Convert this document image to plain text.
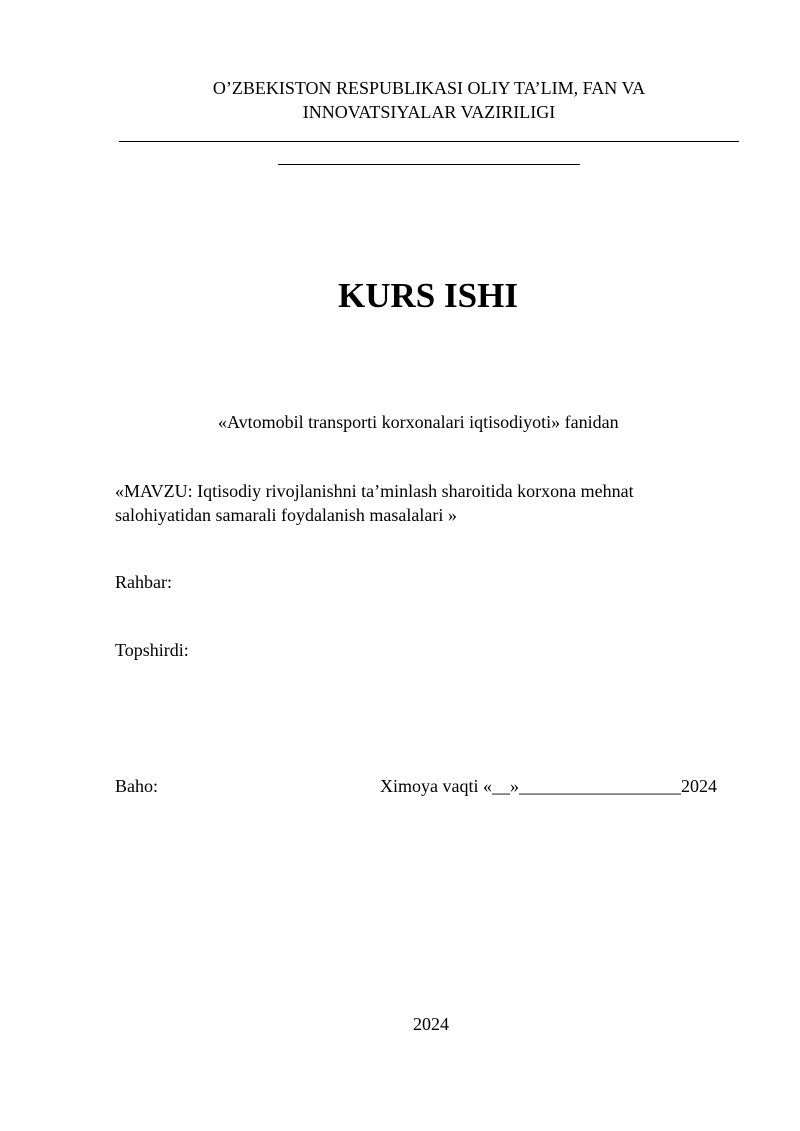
O’ZBEKISTON RESPUBLIKASI OLIY TA’LIM, FAN VA
INNOVATSIYALAR VAZIRILIGI
KURS ISHI
«Avtomobil transporti korxonalari iqtisodiyoti» fanidan
«MAVZU: Iqtisodiy rivojlanishni ta’minlash sharoitida korxona mehnat
salohiyatidan samarali foydalanish masalalari »
Rahbar:
Topshirdi:
Baho:	Ximoya vaqti «__»__________________2024
2024
